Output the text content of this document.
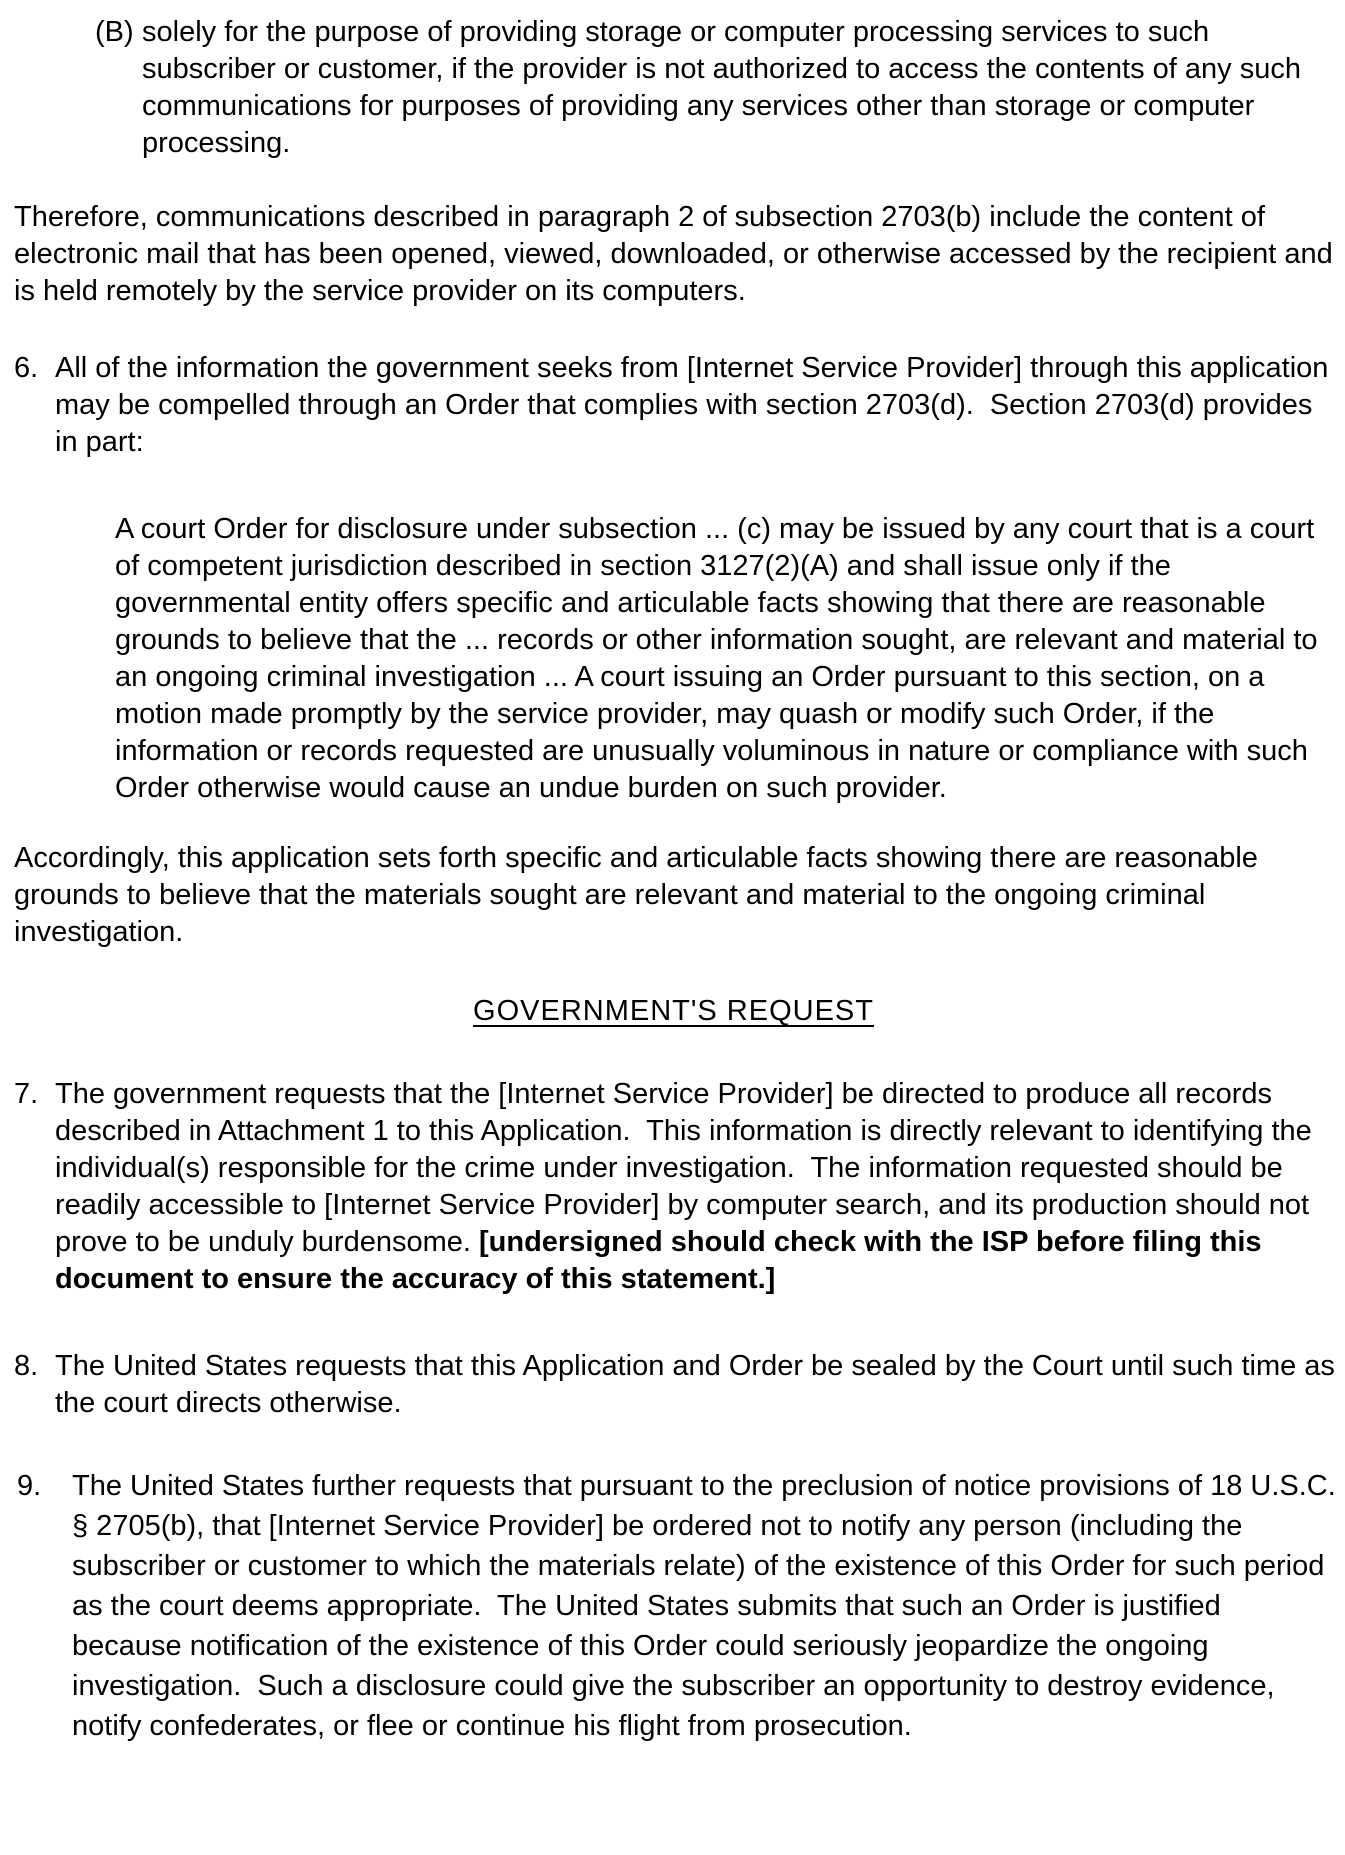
(B) solely for the purpose of providing storage or computer processing services to such subscriber or customer, if the provider is not authorized to access the contents of any such communications for purposes of providing any services other than storage or computer processing.

Therefore, communications described in paragraph 2 of subsection 2703(b) include the content of electronic mail that has been opened, viewed, downloaded, or otherwise accessed by the recipient and is held remotely by the service provider on its computers.

6. All of the information the government seeks from [Internet Service Provider] through this application may be compelled through an Order that complies with section 2703(d).  Section 2703(d) provides in part:

A court Order for disclosure under subsection ... (c) may be issued by any court that is a court of competent jurisdiction described in section 3127(2)(A) and shall issue only if the governmental entity offers specific and articulable facts showing that there are reasonable grounds to believe that the ... records or other information sought, are relevant and material to an ongoing criminal investigation ... A court issuing an Order pursuant to this section, on a motion made promptly by the service provider, may quash or modify such Order, if the information or records requested are unusually voluminous in nature or compliance with such Order otherwise would cause an undue burden on such provider.

Accordingly, this application sets forth specific and articulable facts showing there are reasonable grounds to believe that the materials sought are relevant and material to the ongoing criminal investigation.

GOVERNMENT'S REQUEST
7. The government requests that the [Internet Service Provider] be directed to produce all records described in Attachment 1 to this Application.  This information is directly relevant to identifying the individual(s) responsible for the crime under investigation.  The information requested should be readily accessible to [Internet Service Provider] by computer search, and its production should not prove to be unduly burdensome. [undersigned should check with the ISP before filing this document to ensure the accuracy of this statement.]

8. The United States requests that this Application and Order be sealed by the Court until such time as the court directs otherwise.

9.	The United States further requests that pursuant to the preclusion of notice provisions of 18 U.S.C. § 2705(b), that [Internet Service Provider] be ordered not to notify any person (including the subscriber or customer to which the materials relate) of the existence of this Order for such period as the court deems appropriate.  The United States submits that such an Order is justified because notification of the existence of this Order could seriously jeopardize the ongoing investigation.  Such a disclosure could give the subscriber an opportunity to destroy evidence, notify confederates, or flee or continue his flight from prosecution.
